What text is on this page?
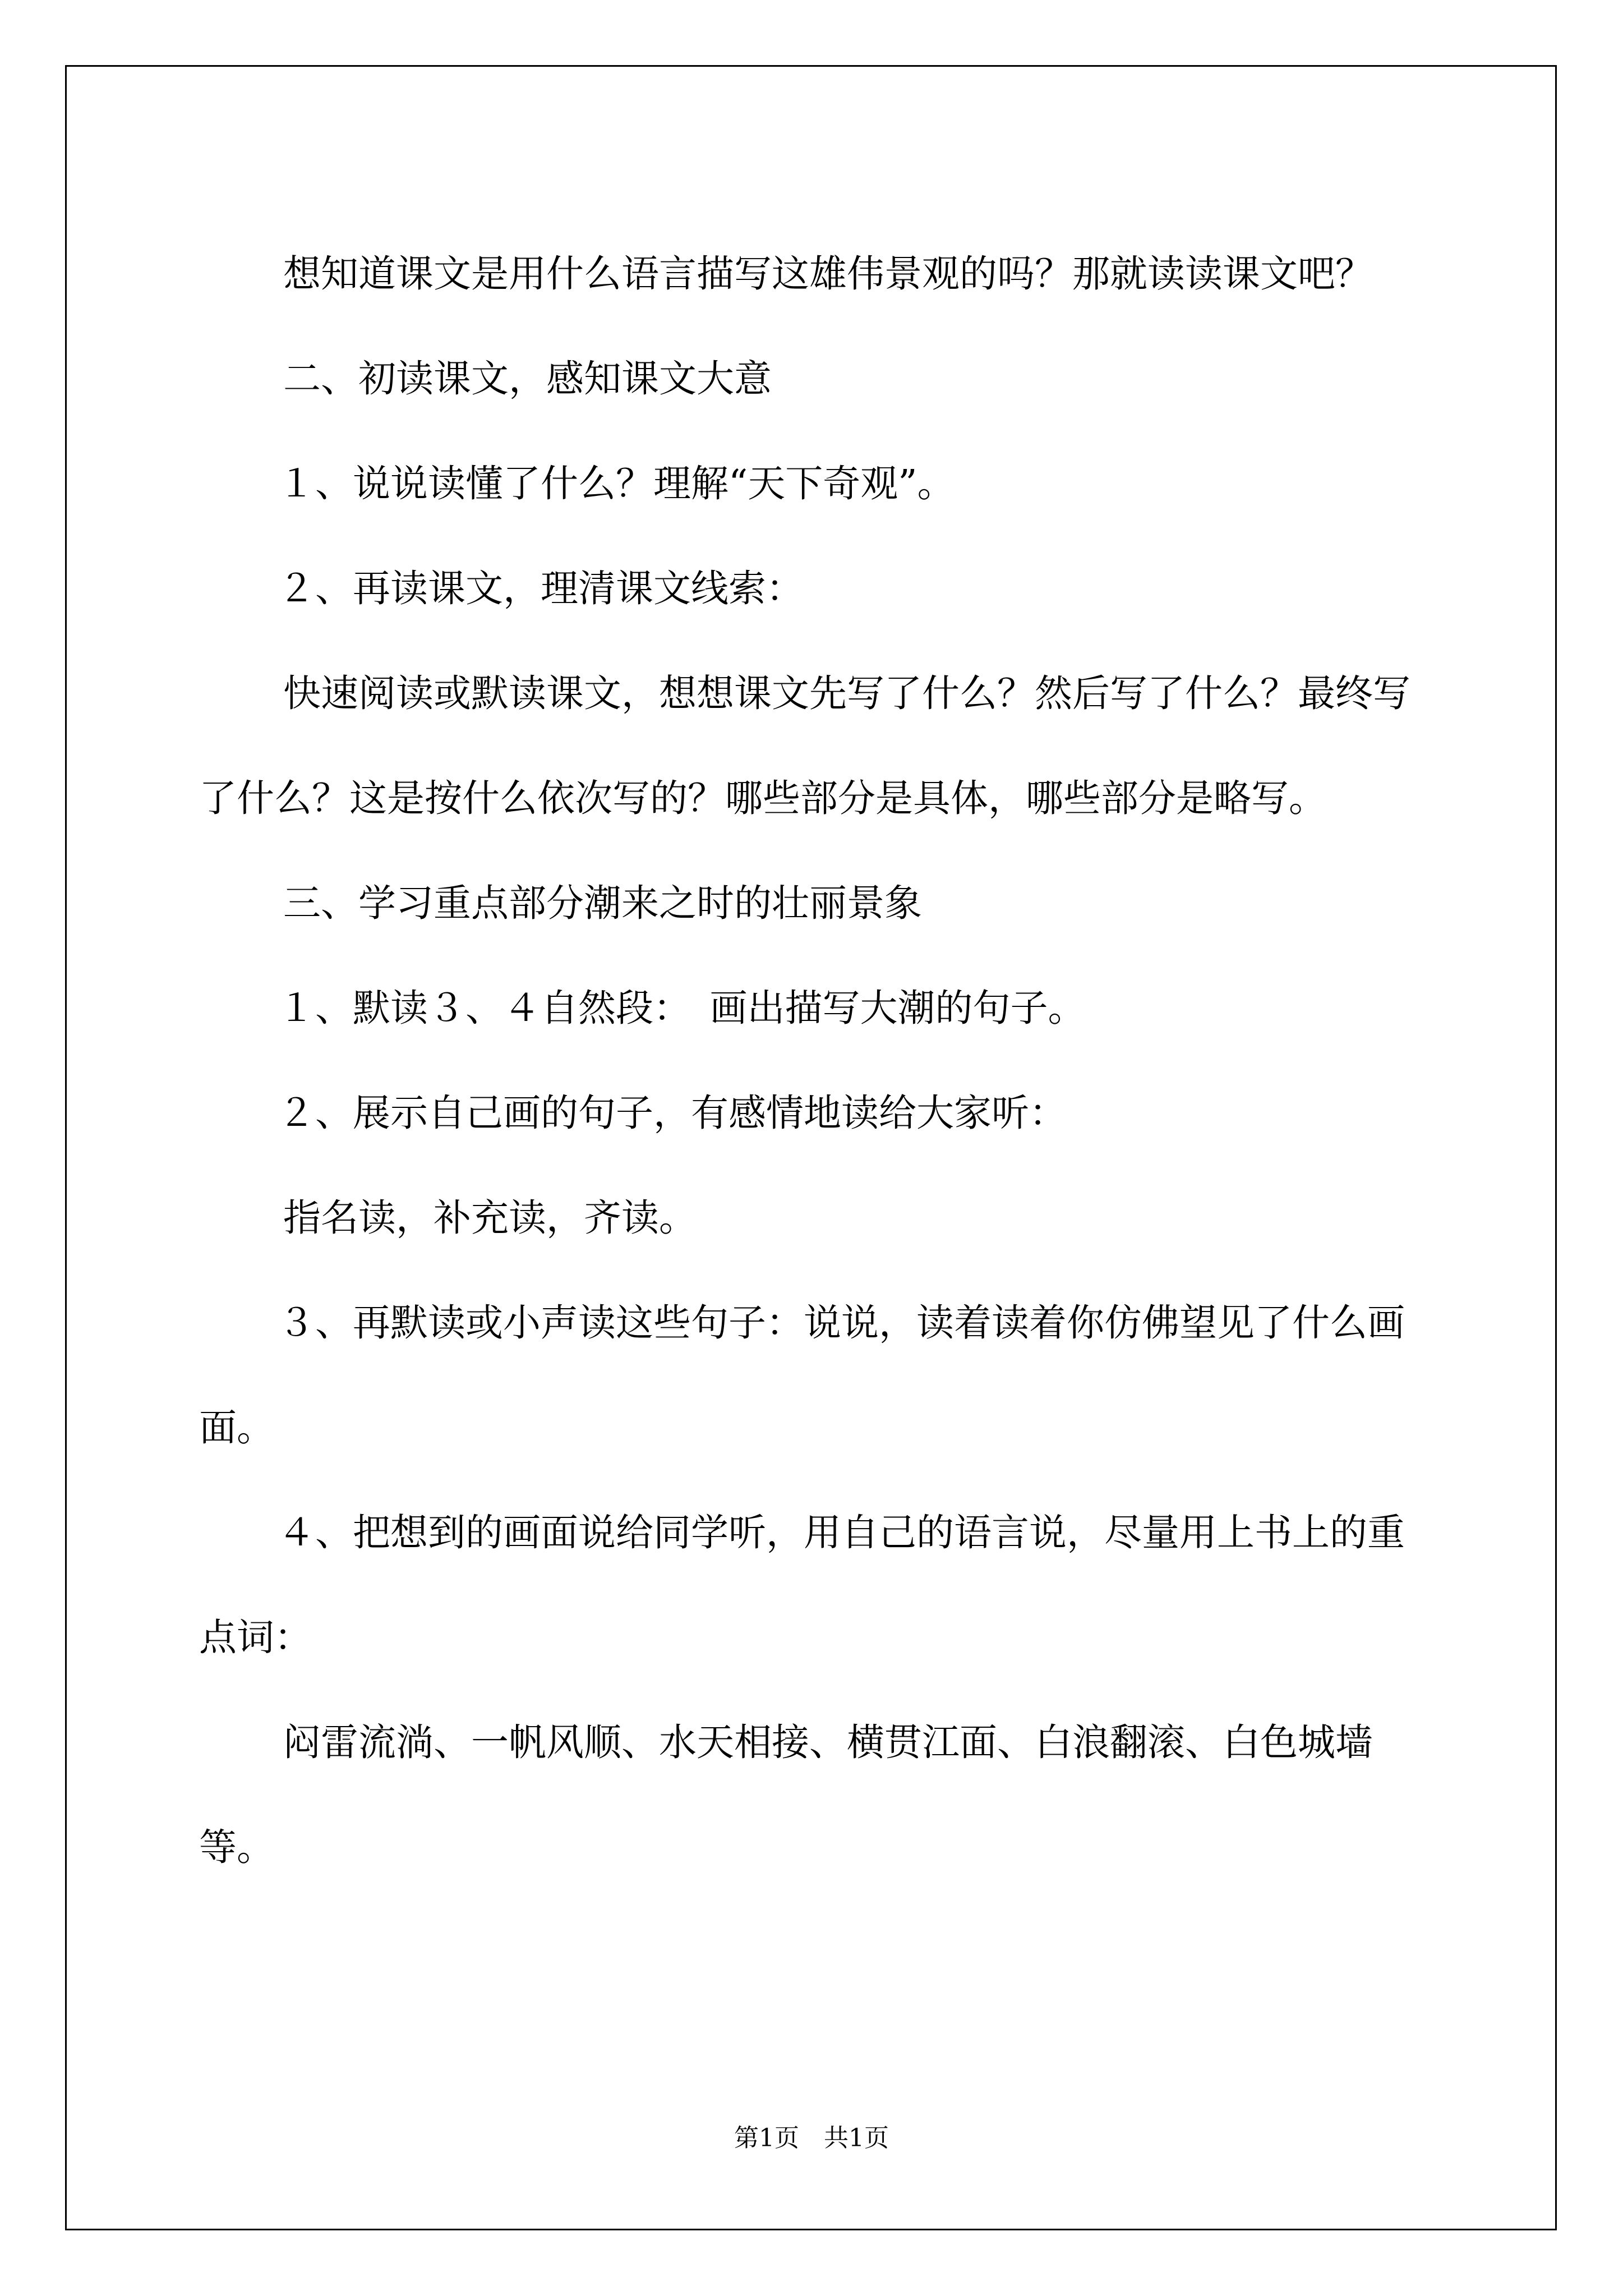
想知道课文是用什么语言描写这雄伟景观的吗？那就读读课文吧？

二、初读课文，感知课文大意

１、说说读懂了什么？理解“天下奇观”。

２、再读课文，理清课文线索：

快速阅读或默读课文，想想课文先写了什么？然后写了什么？最终写了什么？这是按什么依次写的？哪些部分是具体，哪些部分是略写。

三、学习重点部分潮来之时的壮丽景象

１、默读３、４自然段：　画出描写大潮的句子。

２、展示自己画的句子，有感情地读给大家听：

指名读，补充读，齐读。

３、再默读或小声读这些句子：说说，读着读着你仿佛望见了什么画面。

４、把想到的画面说给同学听，用自己的语言说，尽量用上书上的重点词：

闷雷流淌、一帆风顺、水天相接、横贯江面、白浪翻滚、白色城墙等。

第1页　共1页
